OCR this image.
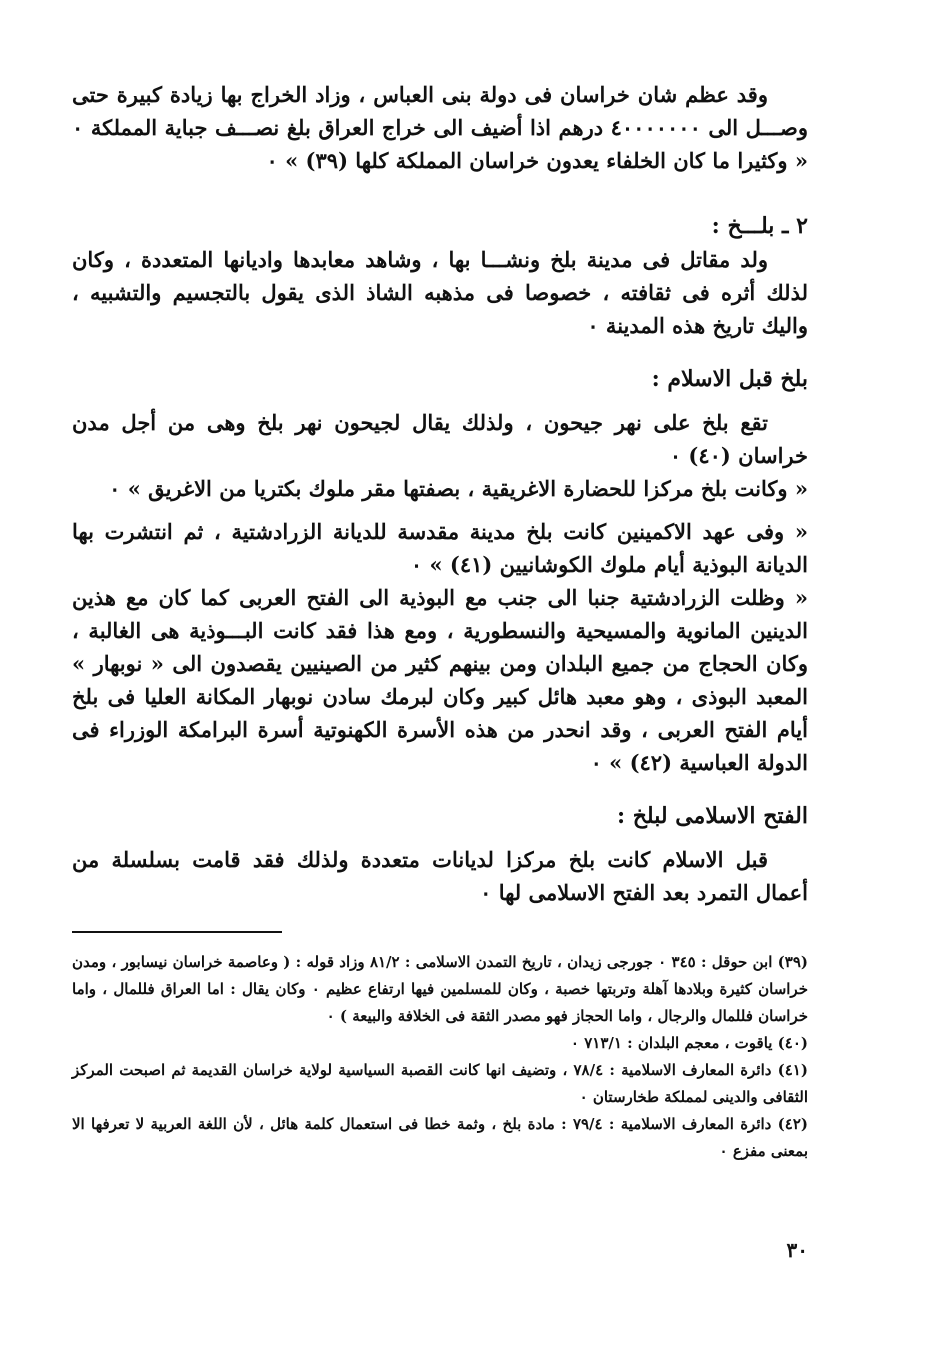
وقد عظم شان خراسان فى دولة بنى العباس ، وزاد الخراج بها زيادة كبيرة حتى وصـــل الى ٤٠٠٠٠٠٠٠ درهم اذا أضيف الى خراج العراق بلغ نصـــف جباية المملكة ٠ « وكثيرا ما كان الخلفاء يعدون خراسان المملكة كلها (٣٩) » ٠

٢ ـ بلـــخ :

ولد مقاتل فى مدينة بلخ ونشـــا بها ، وشاهد معابدها واديانها المتعددة ، وكان لذلك أثره فى ثقافته ، خصوصا فى مذهبه الشاذ الذى يقول بالتجسيم والتشبيه ، واليك تاريخ هذه المدينة ٠

بلخ قبل الاسلام :

تقع بلخ على نهر جيحون ، ولذلك يقال لجيحون نهر بلخ وهى من أجل مدن خراسان (٤٠) ٠

« وكانت بلخ مركزا للحضارة الاغريقية ، بصفتها مقر ملوك بكتريا من الاغريق » ٠

« وفى عهد الاكمينين كانت بلخ مدينة مقدسة للديانة الزرادشتية ، ثم انتشرت بها الديانة البوذية أيام ملوك الكوشانيين (٤١) » ٠

« وظلت الزرادشتية جنبا الى جنب مع البوذية الى الفتح العربى كما كان مع هذين الدينين المانوية والمسيحية والنسطورية ، ومع هذا فقد كانت البـــوذية هى الغالبة ، وكان الحجاج من جميع البلدان ومن بينهم كثير من الصينيين يقصدون الى « نوبهار » المعبد البوذى ، وهو معبد هائل كبير وكان لبرمك سادن نوبهار المكانة العليا فى بلخ أيام الفتح العربى ، وقد انحدر من هذه الأسرة الكهنوتية أسرة البرامكة الوزراء فى الدولة العباسية (٤٢) » ٠

الفتح الاسلامى لبلخ :

قبل الاسلام كانت بلخ مركزا لديانات متعددة ولذلك فقد قامت بسلسلة من أعمال التمرد بعد الفتح الاسلامى لها ٠

(٣٩) ابن حوقل : ٣٤٥ ٠ جورجى زيدان ، تاريخ التمدن الاسلامى : ٨١/٢ وزاد قوله : ( وعاصمة خراسان نيسابور ، ومدن خراسان كثيرة وبلادها آهلة وتربتها خصبة ، وكان للمسلمين فيها ارتفاع عظيم ٠ وكان يقال : اما العراق فللمال ، واما خراسان فللمال والرجال ، واما الحجاز فهو مصدر الثقة فى الخلافة والبيعة ) ٠

(٤٠) ياقوت ، معجم البلدان : ٧١٣/١ ٠

(٤١) دائرة المعارف الاسلامية : ٧٨/٤ ، وتضيف انها كانت القصبة السياسية لولاية خراسان القديمة ثم اصبحت المركز الثقافى والدينى لمملكة طخارستان ٠

(٤٢) دائرة المعارف الاسلامية : ٧٩/٤ : مادة بلخ ، وثمة خطا فى استعمال كلمة هائل ، لأن اللغة العربية لا تعرفها الا بمعنى مفزع ٠

٣٠
